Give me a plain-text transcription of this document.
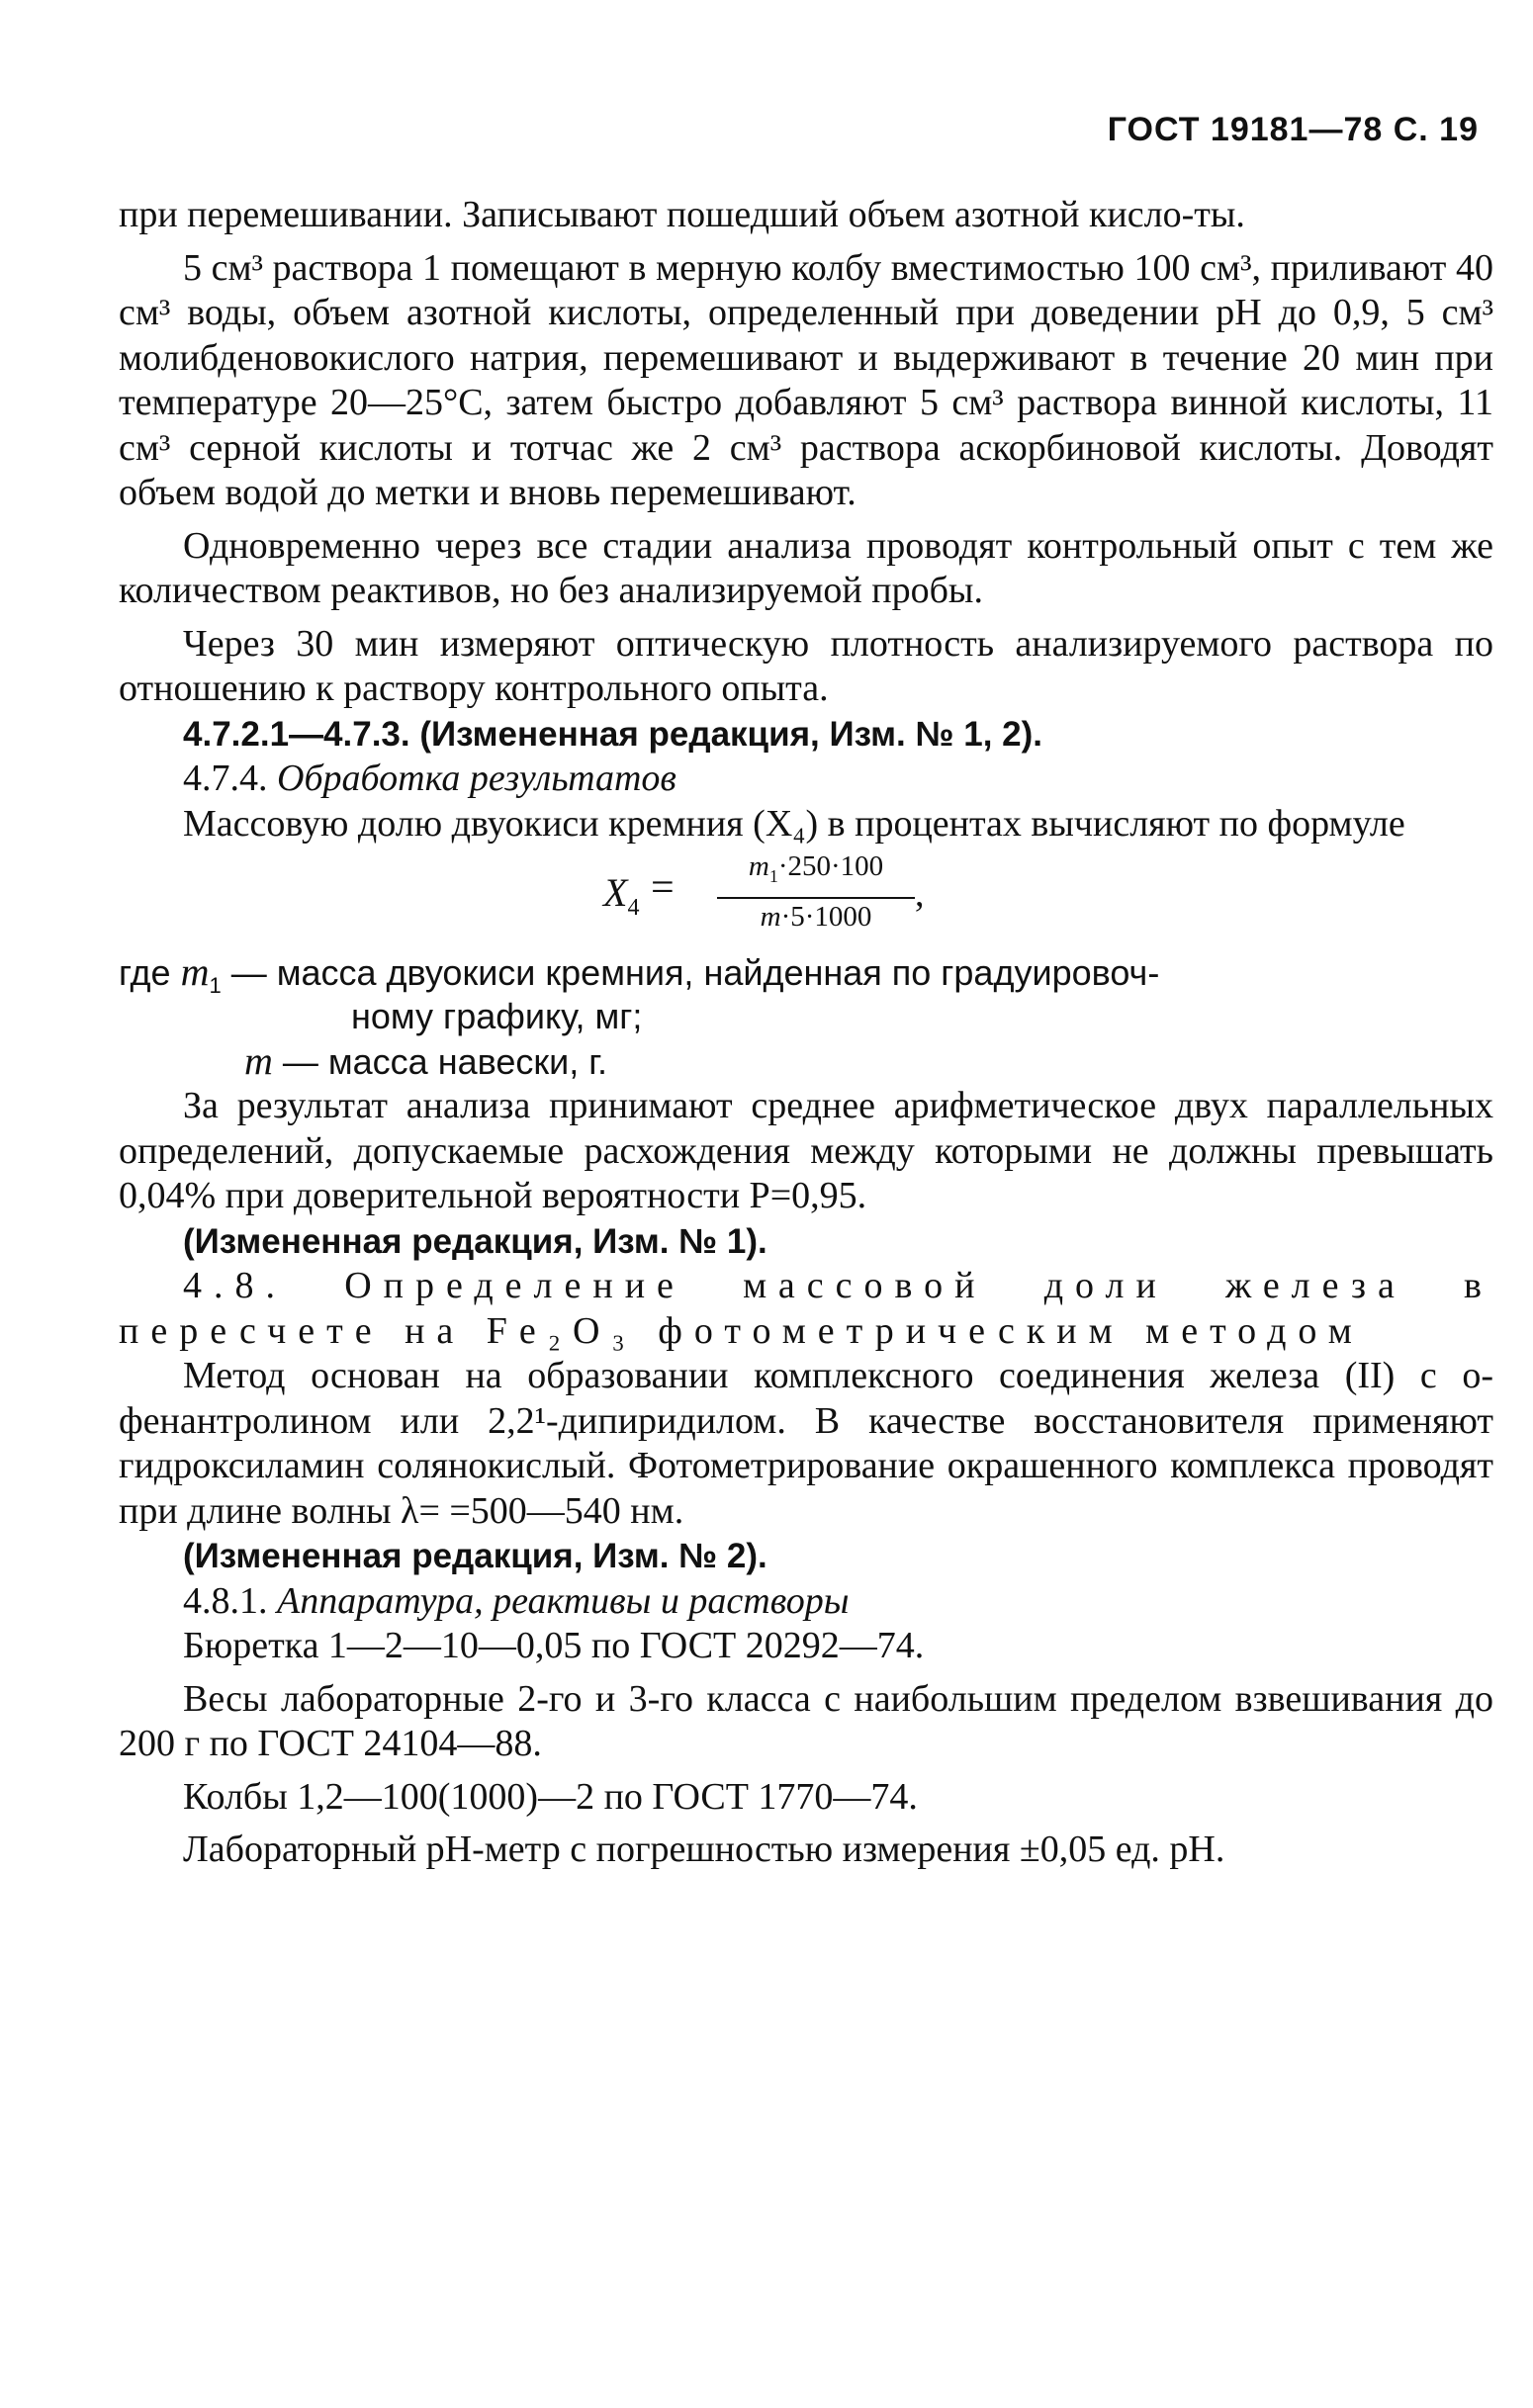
ГОСТ 19181—78 С. 19

при перемешивании. Записывают пошедший объем азотной кисло-ты.

5 см³ раствора 1 помещают в мерную колбу вместимостью 100 см³, приливают 40 см³ воды, объем азотной кислоты, определенный при доведении pH до 0,9, 5 см³ молибденовокислого натрия, перемешивают и выдерживают в течение 20 мин при температуре 20—25°С, затем быстро добавляют 5 см³ раствора винной кислоты, 11 см³ серной кислоты и тотчас же 2 см³ раствора аскорбиновой кислоты. Доводят объем водой до метки и вновь перемешивают.

Одновременно через все стадии анализа проводят контрольный опыт с тем же количеством реактивов, но без анализируемой пробы.

Через 30 мин измеряют оптическую плотность анализируемого раствора по отношению к раствору контрольного опыта.

4.7.2.1—4.7.3. (Измененная редакция, Изм. № 1, 2).

4.7.4. Обработка результатов

Массовую долю двуокиси кремния (X₄) в процентах вычисляют по формуле

$X_4$ =	$m_1\cdot 250\cdot 100$
m·5·1000
,
где $m_1$ — масса двуокиси кремния, найденная по градуировоч-
ному графику, мг;
m — масса навески, г.

За результат анализа принимают среднее арифметическое двух параллельных определений, допускаемые расхождения между которыми не должны превышать 0,04% при доверительной вероятности P=0,95.

(Измененная редакция, Изм. № 1).

4.8. Определение массовой доли железа в пересчете на Fe₂O₃ фотометрическим методом

Метод основан на образовании комплексного соединения железа (II) с о-фенантролином или 2,2¹-дипиридилом. В качестве восстановителя применяют гидроксиламин солянокислый. Фотометрирование окрашенного комплекса проводят при длине волны λ= =500—540 нм.

(Измененная редакция, Изм. № 2).

4.8.1. Аппаратура, реактивы и растворы

Бюретка 1—2—10—0,05 по ГОСТ 20292—74.

Весы лабораторные 2-го и 3-го класса с наибольшим пределом взвешивания до 200 г по ГОСТ 24104—88.

Колбы 1,2—100(1000)—2 по ГОСТ 1770—74.

Лабораторный pH-метр с погрешностью измерения ±0,05 ед. pH.
